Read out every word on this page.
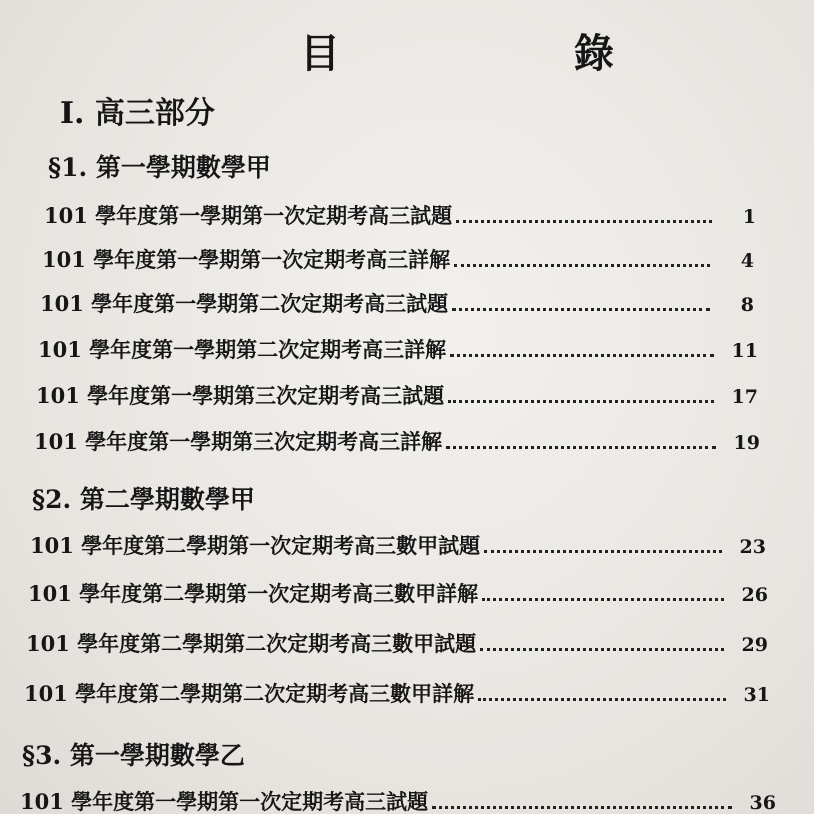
目 錄
Ⅰ. 高三部分
§1. 第一學期數學甲
101 學年度第一學期第一次定期考高三試題	1
101 學年度第一學期第一次定期考高三詳解	4
101 學年度第一學期第二次定期考高三試題	8
101 學年度第一學期第二次定期考高三詳解	11
101 學年度第一學期第三次定期考高三試題	17
101 學年度第一學期第三次定期考高三詳解	19
§2. 第二學期數學甲
101 學年度第二學期第一次定期考高三數甲試題	23
101 學年度第二學期第一次定期考高三數甲詳解	26
101 學年度第二學期第二次定期考高三數甲試題	29
101 學年度第二學期第二次定期考高三數甲詳解	31
§3. 第一學期數學乙
101 學年度第一學期第一次定期考高三試題	36
